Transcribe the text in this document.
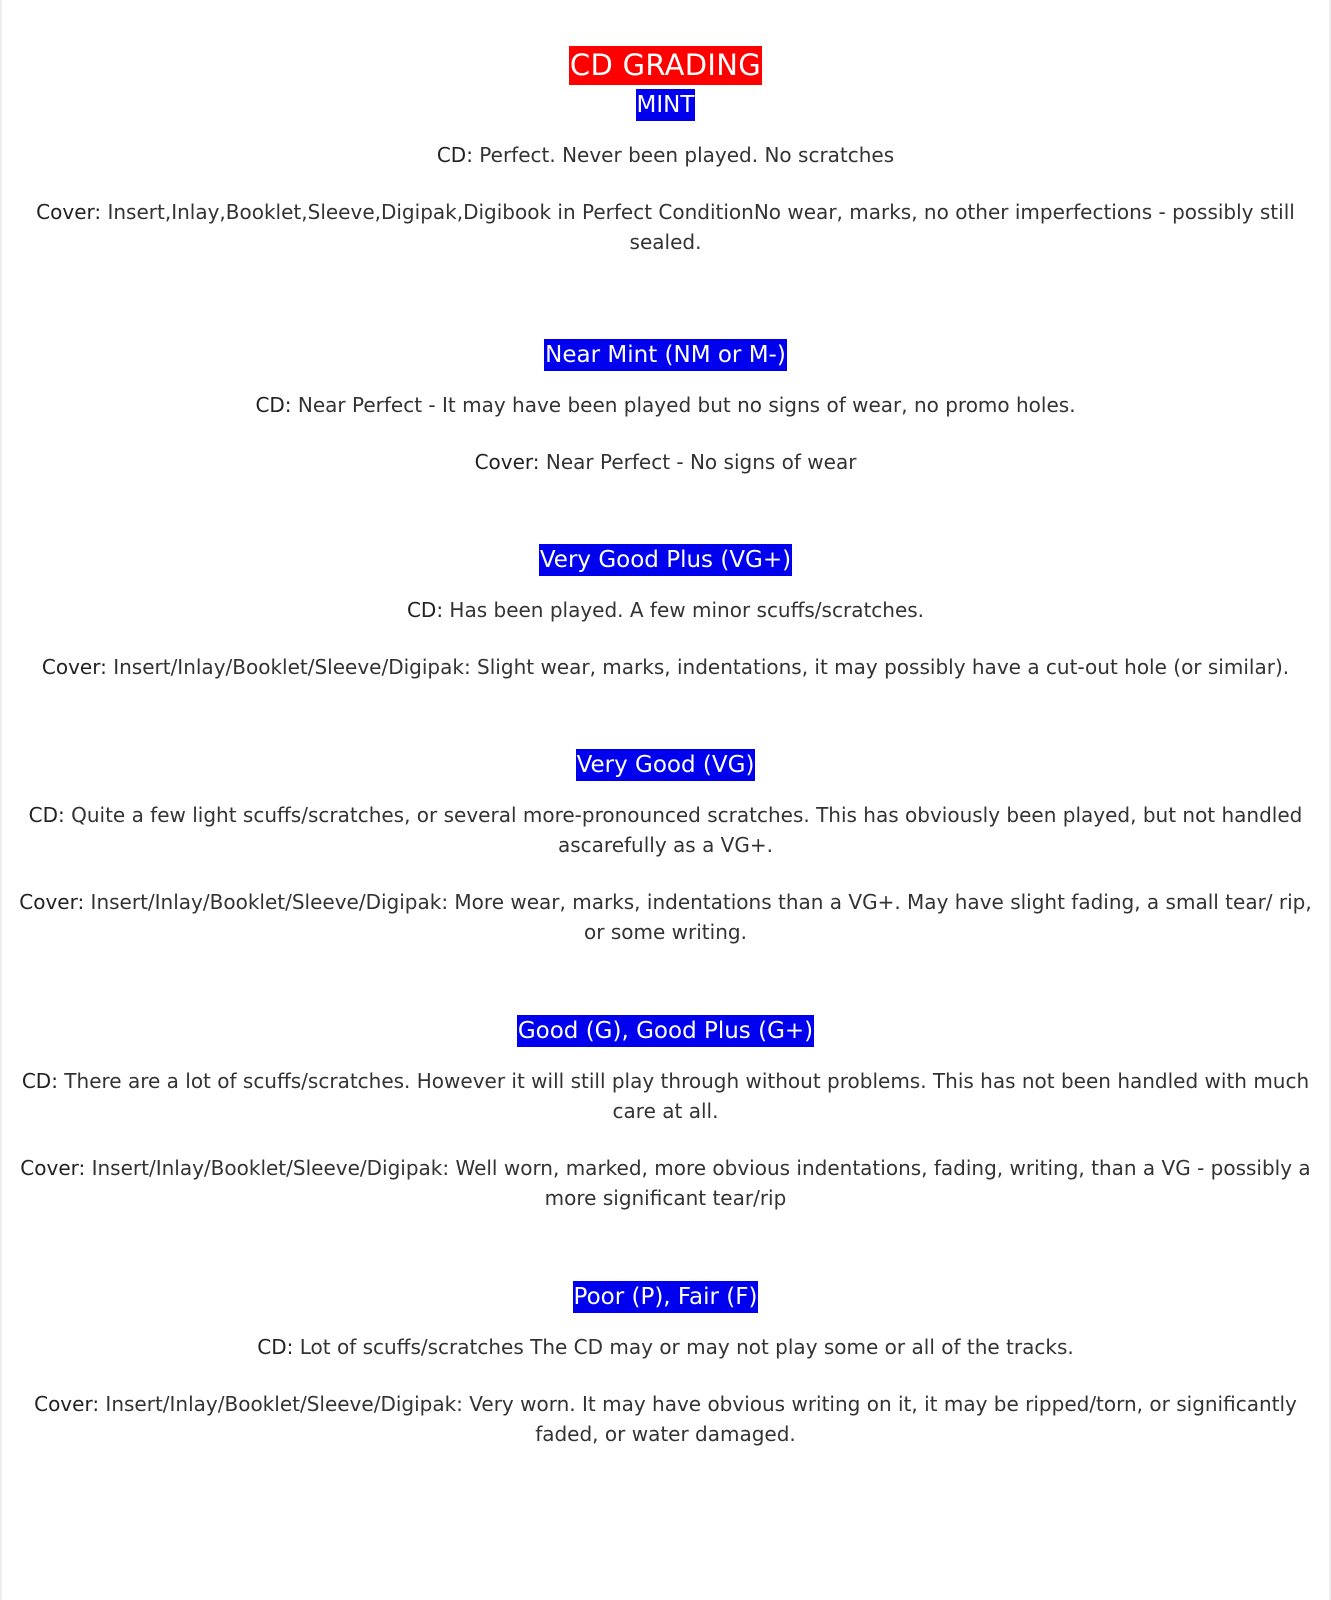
CD GRADING
MINT

CD: Perfect. Never been played. No scratches

Cover: Insert,Inlay,Booklet,Sleeve,Digipak,Digibook in Perfect ConditionNo wear, marks, no other imperfections - possibly still sealed.

Near Mint (NM or M-)

CD: Near Perfect - It may have been played but no signs of wear, no promo holes.

Cover: Near Perfect - No signs of wear

Very Good Plus (VG+)

CD: Has been played. A few minor scuffs/scratches.

Cover: Insert/Inlay/Booklet/Sleeve/Digipak: Slight wear, marks, indentations, it may possibly have a cut-out hole (or similar).

Very Good (VG)

CD: Quite a few light scuffs/scratches, or several more-pronounced scratches. This has obviously been played, but not handled ascarefully as a VG+.

Cover: Insert/Inlay/Booklet/Sleeve/Digipak: More wear, marks, indentations than a VG+. May have slight fading, a small tear/ rip, or some writing.

Good (G), Good Plus (G+)

CD: There are a lot of scuffs/scratches. However it will still play through without problems. This has not been handled with much care at all.

Cover: Insert/Inlay/Booklet/Sleeve/Digipak: Well worn, marked, more obvious indentations, fading, writing, than a VG - possibly a more significant tear/rip

Poor (P), Fair (F)

CD: Lot of scuffs/scratches The CD may or may not play some or all of the tracks.

Cover: Insert/Inlay/Booklet/Sleeve/Digipak: Very worn. It may have obvious writing on it, it may be ripped/torn, or significantly faded, or water damaged.
